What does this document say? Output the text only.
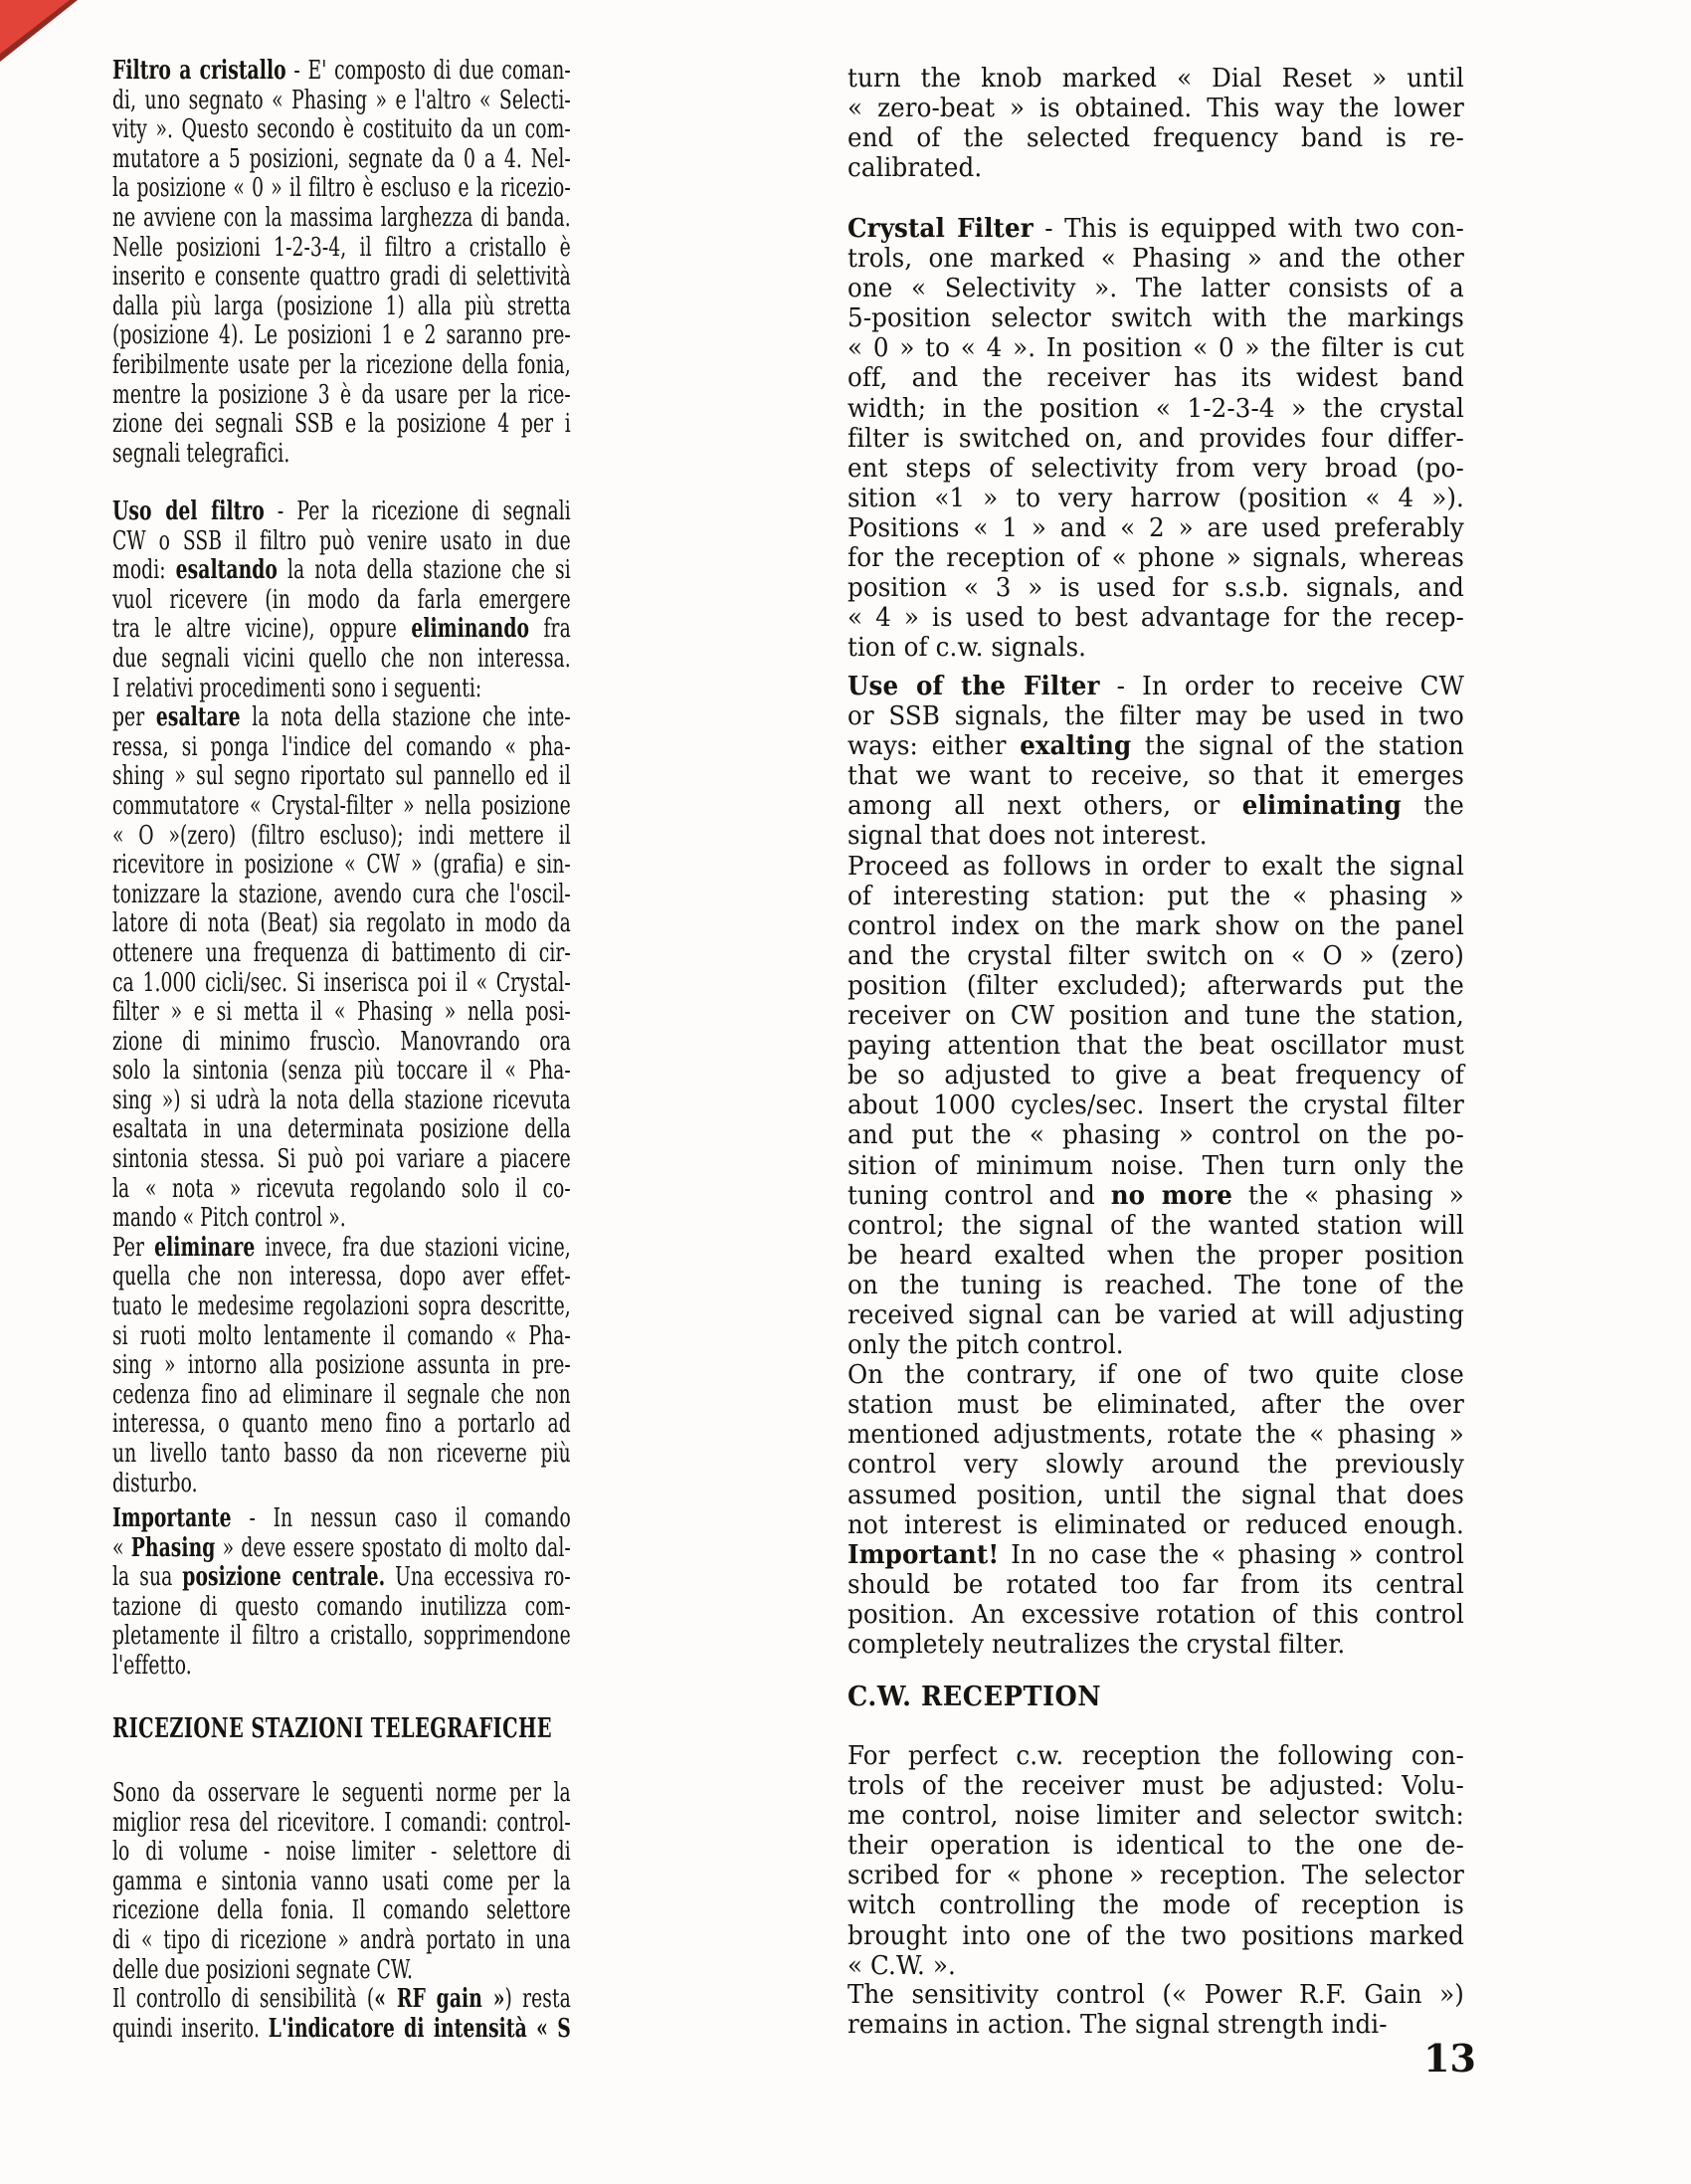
Filtro a cristallo - E' composto di due coman-
di, uno segnato « Phasing » e l'altro « Selecti-
vity ». Questo secondo è costituito da un com-
mutatore a 5 posizioni, segnate da 0 a 4. Nel-
la posizione « 0 » il filtro è escluso e la ricezio-
ne avviene con la massima larghezza di banda.
Nelle posizioni 1-2-3-4, il filtro a cristallo è
inserito e consente quattro gradi di selettività
dalla più larga (posizione 1) alla più stretta
(posizione 4). Le posizioni 1 e 2 saranno pre-
feribilmente usate per la ricezione della fonia,
mentre la posizione 3 è da usare per la rice-
zione dei segnali SSB e la posizione 4 per i
segnali telegrafici.
Uso del filtro - Per la ricezione di segnali
CW o SSB il filtro può venire usato in due
modi: esaltando la nota della stazione che si
vuol ricevere (in modo da farla emergere
tra le altre vicine), oppure eliminando fra
due segnali vicini quello che non interessa.
I relativi procedimenti sono i seguenti:
per esaltare la nota della stazione che inte-
ressa, si ponga l'indice del comando « pha-
shing » sul segno riportato sul pannello ed il
commutatore « Crystal-filter » nella posizione
« O »(zero) (filtro escluso); indi mettere il
ricevitore in posizione « CW » (grafia) e sin-
tonizzare la stazione, avendo cura che l'oscil-
latore di nota (Beat) sia regolato in modo da
ottenere una frequenza di battimento di cir-
ca 1.000 cicli/sec. Si inserisca poi il « Crystal-
filter » e si metta il « Phasing » nella posi-
zione di minimo fruscìo. Manovrando ora
solo la sintonia (senza più toccare il « Pha-
sing ») si udrà la nota della stazione ricevuta
esaltata in una determinata posizione della
sintonia stessa. Si può poi variare a piacere
la « nota » ricevuta regolando solo il co-
mando « Pitch control ».
Per eliminare invece, fra due stazioni vicine,
quella che non interessa, dopo aver effet-
tuato le medesime regolazioni sopra descritte,
si ruoti molto lentamente il comando « Pha-
sing » intorno alla posizione assunta in pre-
cedenza fino ad eliminare il segnale che non
interessa, o quanto meno fino a portarlo ad
un livello tanto basso da non riceverne più
disturbo.
Importante - In nessun caso il comando
« Phasing » deve essere spostato di molto dal-
la sua posizione centrale. Una eccessiva ro-
tazione di questo comando inutilizza com-
pletamente il filtro a cristallo, sopprimendone
l'effetto.
RICEZIONE STAZIONI TELEGRAFICHE
Sono da osservare le seguenti norme per la
miglior resa del ricevitore. I comandi: control-
lo di volume - noise limiter - selettore di
gamma e sintonia vanno usati come per la
ricezione della fonia. Il comando selettore
di « tipo di ricezione » andrà portato in una
delle due posizioni segnate CW.
Il controllo di sensibilità (« RF gain ») resta
quindi inserito. L'indicatore di intensità « S
turn the knob marked « Dial Reset » until
« zero-beat » is obtained. This way the lower
end of the selected frequency band is re-
calibrated.
Crystal Filter - This is equipped with two con-
trols, one marked « Phasing » and the other
one « Selectivity ». The latter consists of a
5-position selector switch with the markings
« 0 » to « 4 ». In position « 0 » the filter is cut
off, and the receiver has its widest band
width; in the position « 1-2-3-4 » the crystal
filter is switched on, and provides four differ-
ent steps of selectivity from very broad (po-
sition «1 » to very harrow (position « 4 »).
Positions « 1 » and « 2 » are used preferably
for the reception of « phone » signals, whereas
position « 3 » is used for s.s.b. signals, and
« 4 » is used to best advantage for the recep-
tion of c.w. signals.
Use of the Filter - In order to receive CW
or SSB signals, the filter may be used in two
ways: either exalting the signal of the station
that we want to receive, so that it emerges
among all next others, or eliminating the
signal that does not interest.
Proceed as follows in order to exalt the signal
of interesting station: put the « phasing »
control index on the mark show on the panel
and the crystal filter switch on « O » (zero)
position (filter excluded); afterwards put the
receiver on CW position and tune the station,
paying attention that the beat oscillator must
be so adjusted to give a beat frequency of
about 1000 cycles/sec. Insert the crystal filter
and put the « phasing » control on the po-
sition of minimum noise. Then turn only the
tuning control and no more the « phasing »
control; the signal of the wanted station will
be heard exalted when the proper position
on the tuning is reached. The tone of the
received signal can be varied at will adjusting
only the pitch control.
On the contrary, if one of two quite close
station must be eliminated, after the over
mentioned adjustments, rotate the « phasing »
control very slowly around the previously
assumed position, until the signal that does
not interest is eliminated or reduced enough.
Important! In no case the « phasing » control
should be rotated too far from its central
position. An excessive rotation of this control
completely neutralizes the crystal filter.
C.W. RECEPTION
For perfect c.w. reception the following con-
trols of the receiver must be adjusted: Volu-
me control, noise limiter and selector switch:
their operation is identical to the one de-
scribed for « phone » reception. The selector
witch controlling the mode of reception is
brought into one of the two positions marked
« C.W. ».
The sensitivity control (« Power R.F. Gain »)
remains in action. The signal strength indi-
13
